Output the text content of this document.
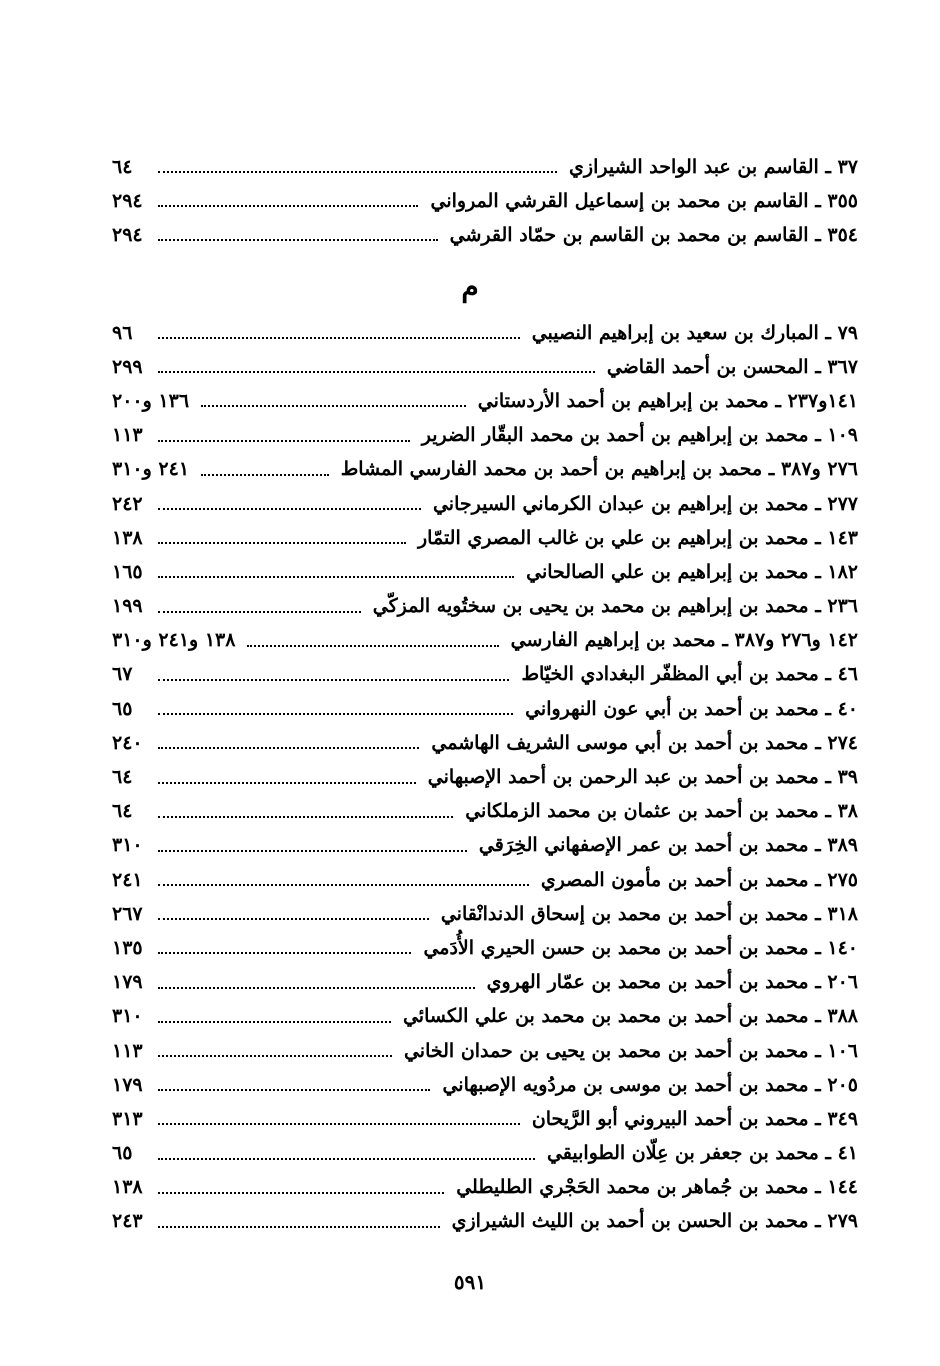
٣٧ ـ القاسم بن عبد الواحد الشيرازي
٦٤
٣٥٥ ـ القاسم بن محمد بن إسماعيل القرشي المرواني
٢٩٤
٣٥٤ ـ القاسم بن محمد بن القاسم بن حمّاد القرشي
٢٩٤
م
٧٩ ـ المبارك بن سعيد بن إبراهيم النصيبي
٩٦
٣٦٧ ـ المحسن بن أحمد القاضي
٢٩٩
١٤١و٢٣٧ ـ محمد بن إبراهيم بن أحمد الأردستاني
١٣٦ و٢٠٠
١٠٩ ـ محمد بن إبراهيم بن أحمد بن محمد البقّار الضرير
١١٣
٢٧٦ و٣٨٧ ـ محمد بن إبراهيم بن أحمد بن محمد الفارسي المشاط
٢٤١ و٣١٠
٢٧٧ ـ محمد بن إبراهيم بن عبدان الكرماني السيرجاني
٢٤٢
١٤٣ ـ محمد بن إبراهيم بن علي بن غالب المصري التمّار
١٣٨
١٨٢ ـ محمد بن إبراهيم بن علي الصالحاني
١٦٥
٢٣٦ ـ محمد بن إبراهيم بن محمد بن يحيى بن سختُويه المزكّي
١٩٩
١٤٢ و٢٧٦ و٣٨٧ ـ محمد بن إبراهيم الفارسي
١٣٨ و٢٤١ و٣١٠
٤٦ ـ محمد بن أبي المظفّر البغدادي الخيّاط
٦٧
٤٠ ـ محمد بن أحمد بن أبي عون النهرواني
٦٥
٢٧٤ ـ محمد بن أحمد بن أبي موسى الشريف الهاشمي
٢٤٠
٣٩ ـ محمد بن أحمد بن عبد الرحمن بن أحمد الإصبهاني
٦٤
٣٨ ـ محمد بن أحمد بن عثمان بن محمد الزملكاني
٦٤
٣٨٩ ـ محمد بن أحمد بن عمر الإصفهاني الخِرَقي
٣١٠
٢٧٥ ـ محمد بن أحمد بن مأمون المصري
٢٤١
٣١٨ ـ محمد بن أحمد بن محمد بن إسحاق الدندانْقاني
٢٦٧
١٤٠ ـ محمد بن أحمد بن محمد بن حسن الحيري الأُدَمي
١٣٥
٢٠٦ ـ محمد بن أحمد بن محمد بن عمّار الهروي
١٧٩
٣٨٨ ـ محمد بن أحمد بن محمد بن محمد بن علي الكسائي
٣١٠
١٠٦ ـ محمد بن أحمد بن محمد بن يحيى بن حمدان الخاني
١١٣
٢٠٥ ـ محمد بن أحمد بن موسى بن مردُويه الإصبهاني
١٧٩
٣٤٩ ـ محمد بن أحمد البيروني أبو الرَّيحان
٣١٣
٤١ ـ محمد بن جعفر بن عِلّان الطوابيقي
٦٥
١٤٤ ـ محمد بن جُماهر بن محمد الحَجْري الطليطلي
١٣٨
٢٧٩ ـ محمد بن الحسن بن أحمد بن الليث الشيرازي
٢٤٣
٥٩١
